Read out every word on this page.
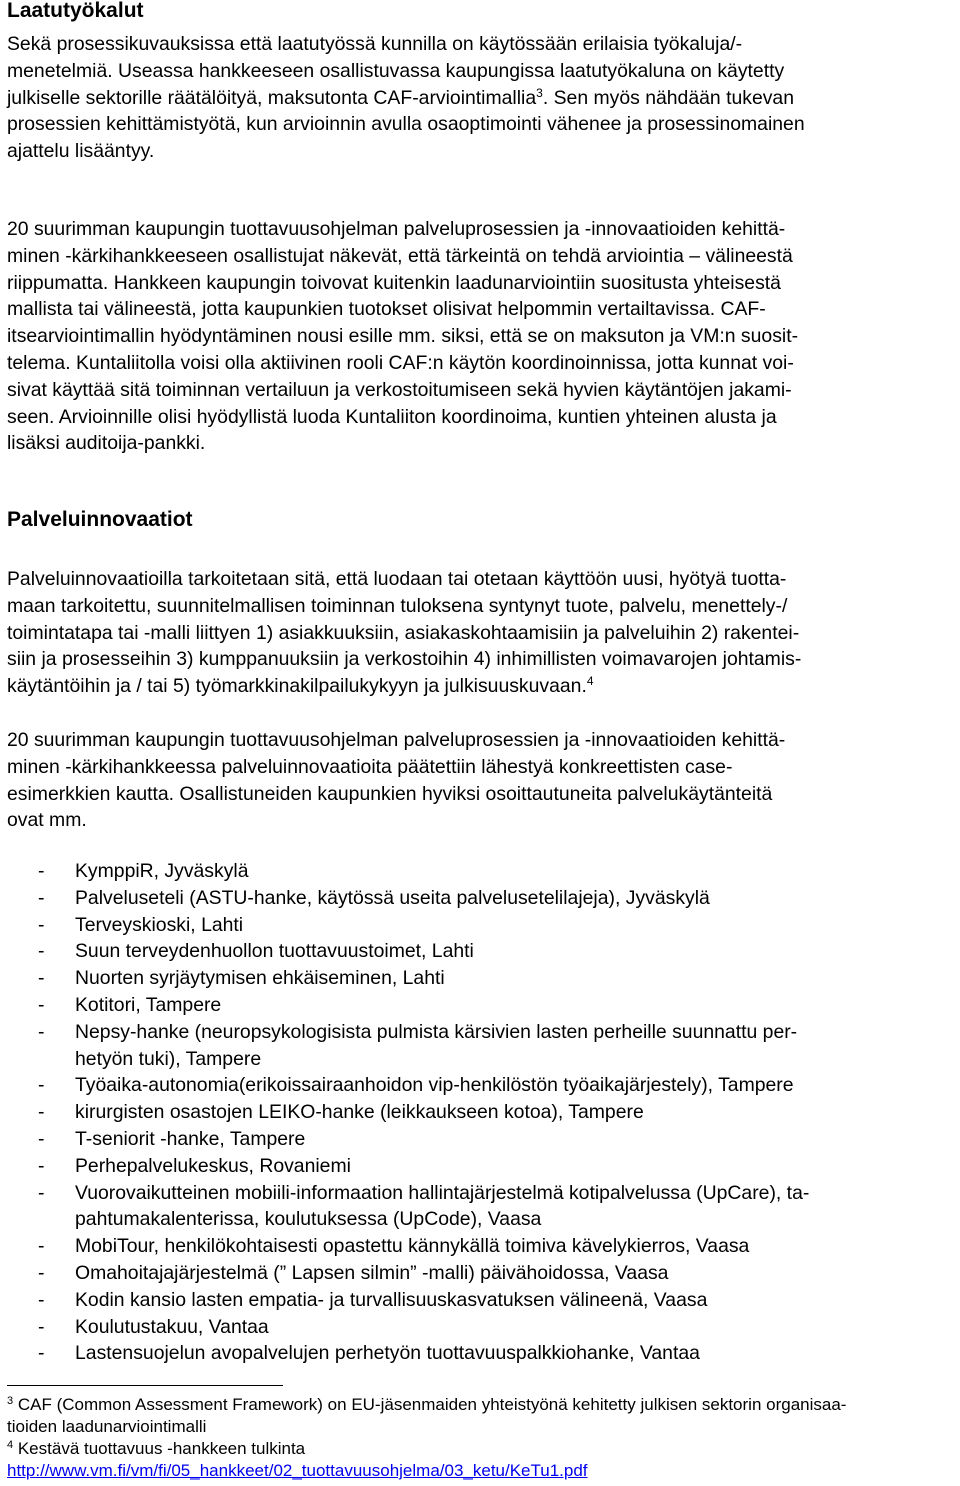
Laatutyökalut
Sekä prosessikuvauksissa että laatutyössä kunnilla on käytössään erilaisia työkaluja/-
menetelmiä. Useassa hankkeeseen osallistuvassa kaupungissa laatutyökaluna on käytetty
julkiselle sektorille räätälöityä, maksutonta CAF-arviointimallia$^3$. Sen myös nähdään tukevan
prosessien kehittämistyötä, kun arvioinnin avulla osaoptimointi vähenee ja prosessinomainen
ajattelu lisääntyy.
20 suurimman kaupungin tuottavuusohjelman palveluprosessien ja -innovaatioiden kehittä-
minen -kärkihankkeeseen osallistujat näkevät, että tärkeintä on tehdä arviointia – välineestä
riippumatta. Hankkeen kaupungin toivovat kuitenkin laadunarviointiin suositusta yhteisestä
mallista tai välineestä, jotta kaupunkien tuotokset olisivat helpommin vertailtavissa. CAF-
itsearviointimallin hyödyntäminen nousi esille mm. siksi, että se on maksuton ja VM:n suosit-
telema. Kuntaliitolla voisi olla aktiivinen rooli CAF:n käytön koordinoinnissa, jotta kunnat voi-
sivat käyttää sitä toiminnan vertailuun ja verkostoitumiseen sekä hyvien käytäntöjen jakami-
seen. Arvioinnille olisi hyödyllistä luoda Kuntaliiton koordinoima, kuntien yhteinen alusta ja
lisäksi auditoija-pankki.
Palveluinnovaatiot
Palveluinnovaatioilla tarkoitetaan sitä, että luodaan tai otetaan käyttöön uusi, hyötyä tuotta-
maan tarkoitettu, suunnitelmallisen toiminnan tuloksena syntynyt tuote, palvelu, menettely-/
toimintatapa tai -malli liittyen 1) asiakkuuksiin, asiakaskohtaamisiin ja palveluihin 2) rakentei-
siin ja prosesseihin 3) kumppanuuksiin ja verkostoihin 4) inhimillisten voimavarojen johtamis-
käytäntöihin ja / tai 5) työmarkkinakilpailukykyyn ja julkisuuskuvaan.$^4$
20 suurimman kaupungin tuottavuusohjelman palveluprosessien ja -innovaatioiden kehittä-
minen -kärkihankkeessa palveluinnovaatioita päätettiin lähestyä konkreettisten case-
esimerkkien kautta. Osallistuneiden kaupunkien hyviksi osoittautuneita palvelukäytänteitä
ovat mm.
- KymppiR, Jyväskylä
- Palveluseteli (ASTU-hanke, käytössä useita palvelusetelilajeja), Jyväskylä
- Terveyskioski, Lahti
- Suun terveydenhuollon tuottavuustoimet, Lahti
- Nuorten syrjäytymisen ehkäiseminen, Lahti
- Kotitori, Tampere
- Nepsy-hanke (neuropsykologisista pulmista kärsivien lasten perheille suunnattu per-
hetyön tuki), Tampere
- Työaika-autonomia(erikoissairaanhoidon vip-henkilöstön työaikajärjestely), Tampere
- kirurgisten osastojen LEIKO-hanke (leikkaukseen kotoa), Tampere
- T-seniorit -hanke, Tampere
- Perhepalvelukeskus, Rovaniemi
- Vuorovaikutteinen mobiili-informaation hallintajärjestelmä kotipalvelussa (UpCare), ta-
pahtumakalenterissa, koulutuksessa (UpCode), Vaasa
- MobiTour, henkilökohtaisesti opastettu kännykällä toimiva kävelykierros, Vaasa
- Omahoitajajärjestelmä (” Lapsen silmin” -malli) päivähoidossa, Vaasa
- Kodin kansio lasten empatia- ja turvallisuuskasvatuksen välineenä, Vaasa
- Koulutustakuu, Vantaa
- Lastensuojelun avopalvelujen perhetyön tuottavuuspalkkiohanke, Vantaa
$^3$ CAF (Common Assessment Framework) on EU-jäsenmaiden yhteistyönä kehitetty julkisen sektorin organisaa-
tioiden laadunarviointimalli
$^4$ Kestävä tuottavuus -hankkeen tulkinta
http://www.vm.fi/vm/fi/05_hankkeet/02_tuottavuusohjelma/03_ketu/KeTu1.pdf
